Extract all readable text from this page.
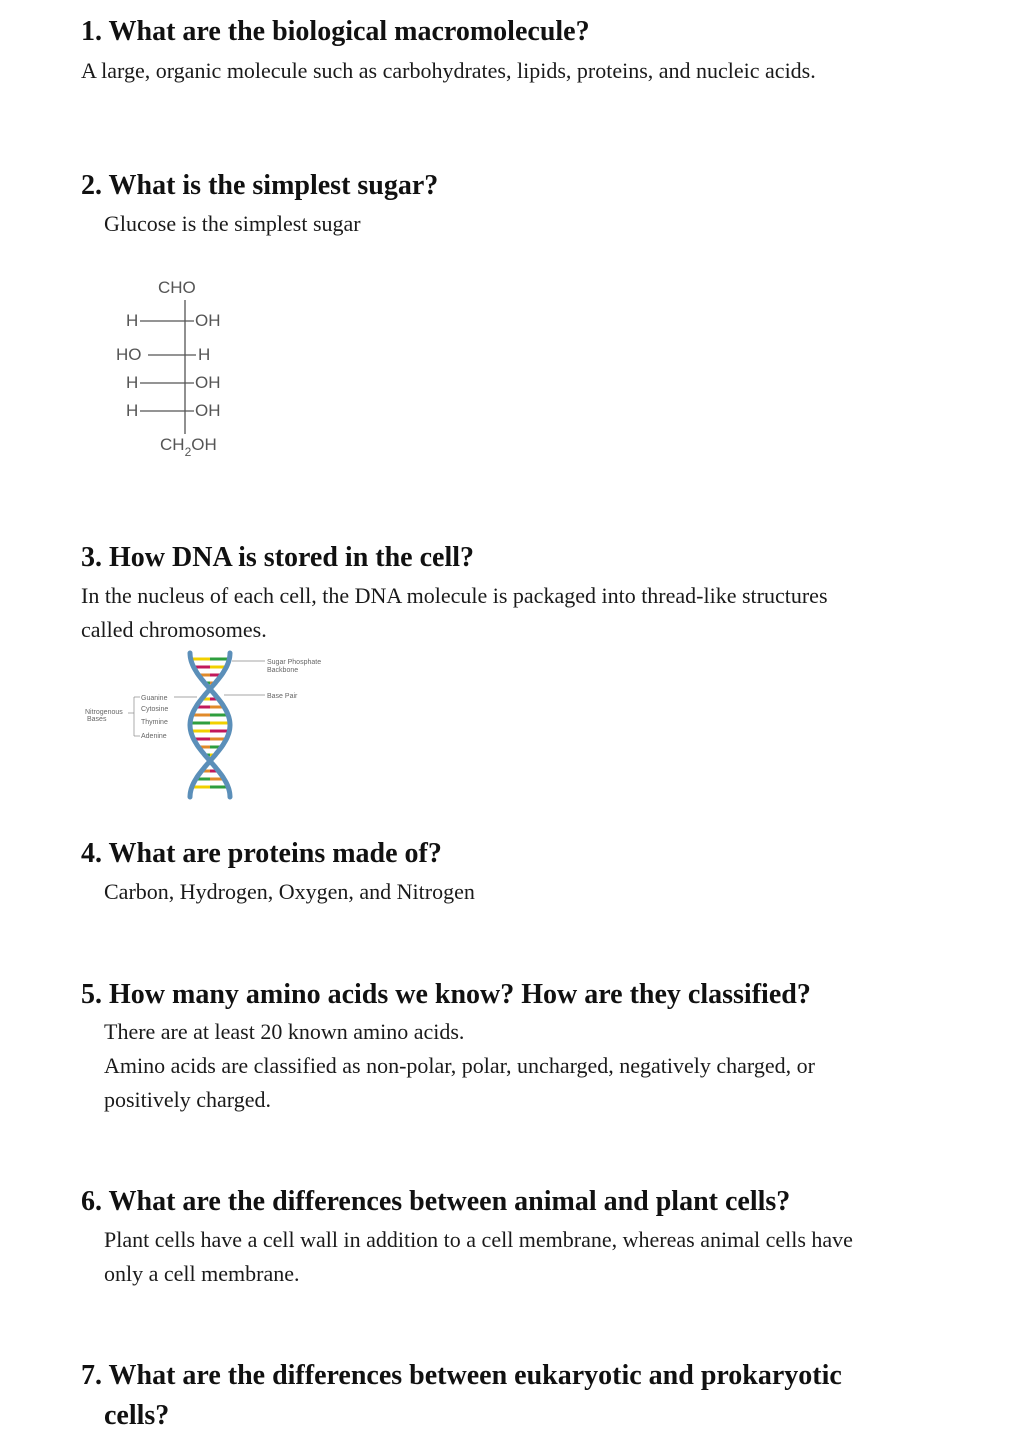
1. What are the biological macromolecule?
A large, organic molecule such as carbohydrates, lipids, proteins, and nucleic acids.
2. What is the simplest sugar?
Glucose is the simplest sugar
CHO
H	OH
HO	H
H	OH
H	OH
$CH_2OH$
3. How DNA is stored in the cell?
In the nucleus of each cell, the DNA molecule is packaged into thread-like structures
called chromosomes.
Nitrogenous
Bases
Guanine
Cytosine
Thymine
Adenine
Sugar Phosphate
Backbone
Base Pair
4. What are proteins made of?
Carbon, Hydrogen, Oxygen, and Nitrogen
5. How many amino acids we know? How are they classified?
There are at least 20 known amino acids.
Amino acids are classified as non-polar, polar, uncharged, negatively charged, or
positively charged.
6. What are the differences between animal and plant cells?
Plant cells have a cell wall in addition to a cell membrane, whereas animal cells have
only a cell membrane.
7. What are the differences between eukaryotic and prokaryotic
cells?
